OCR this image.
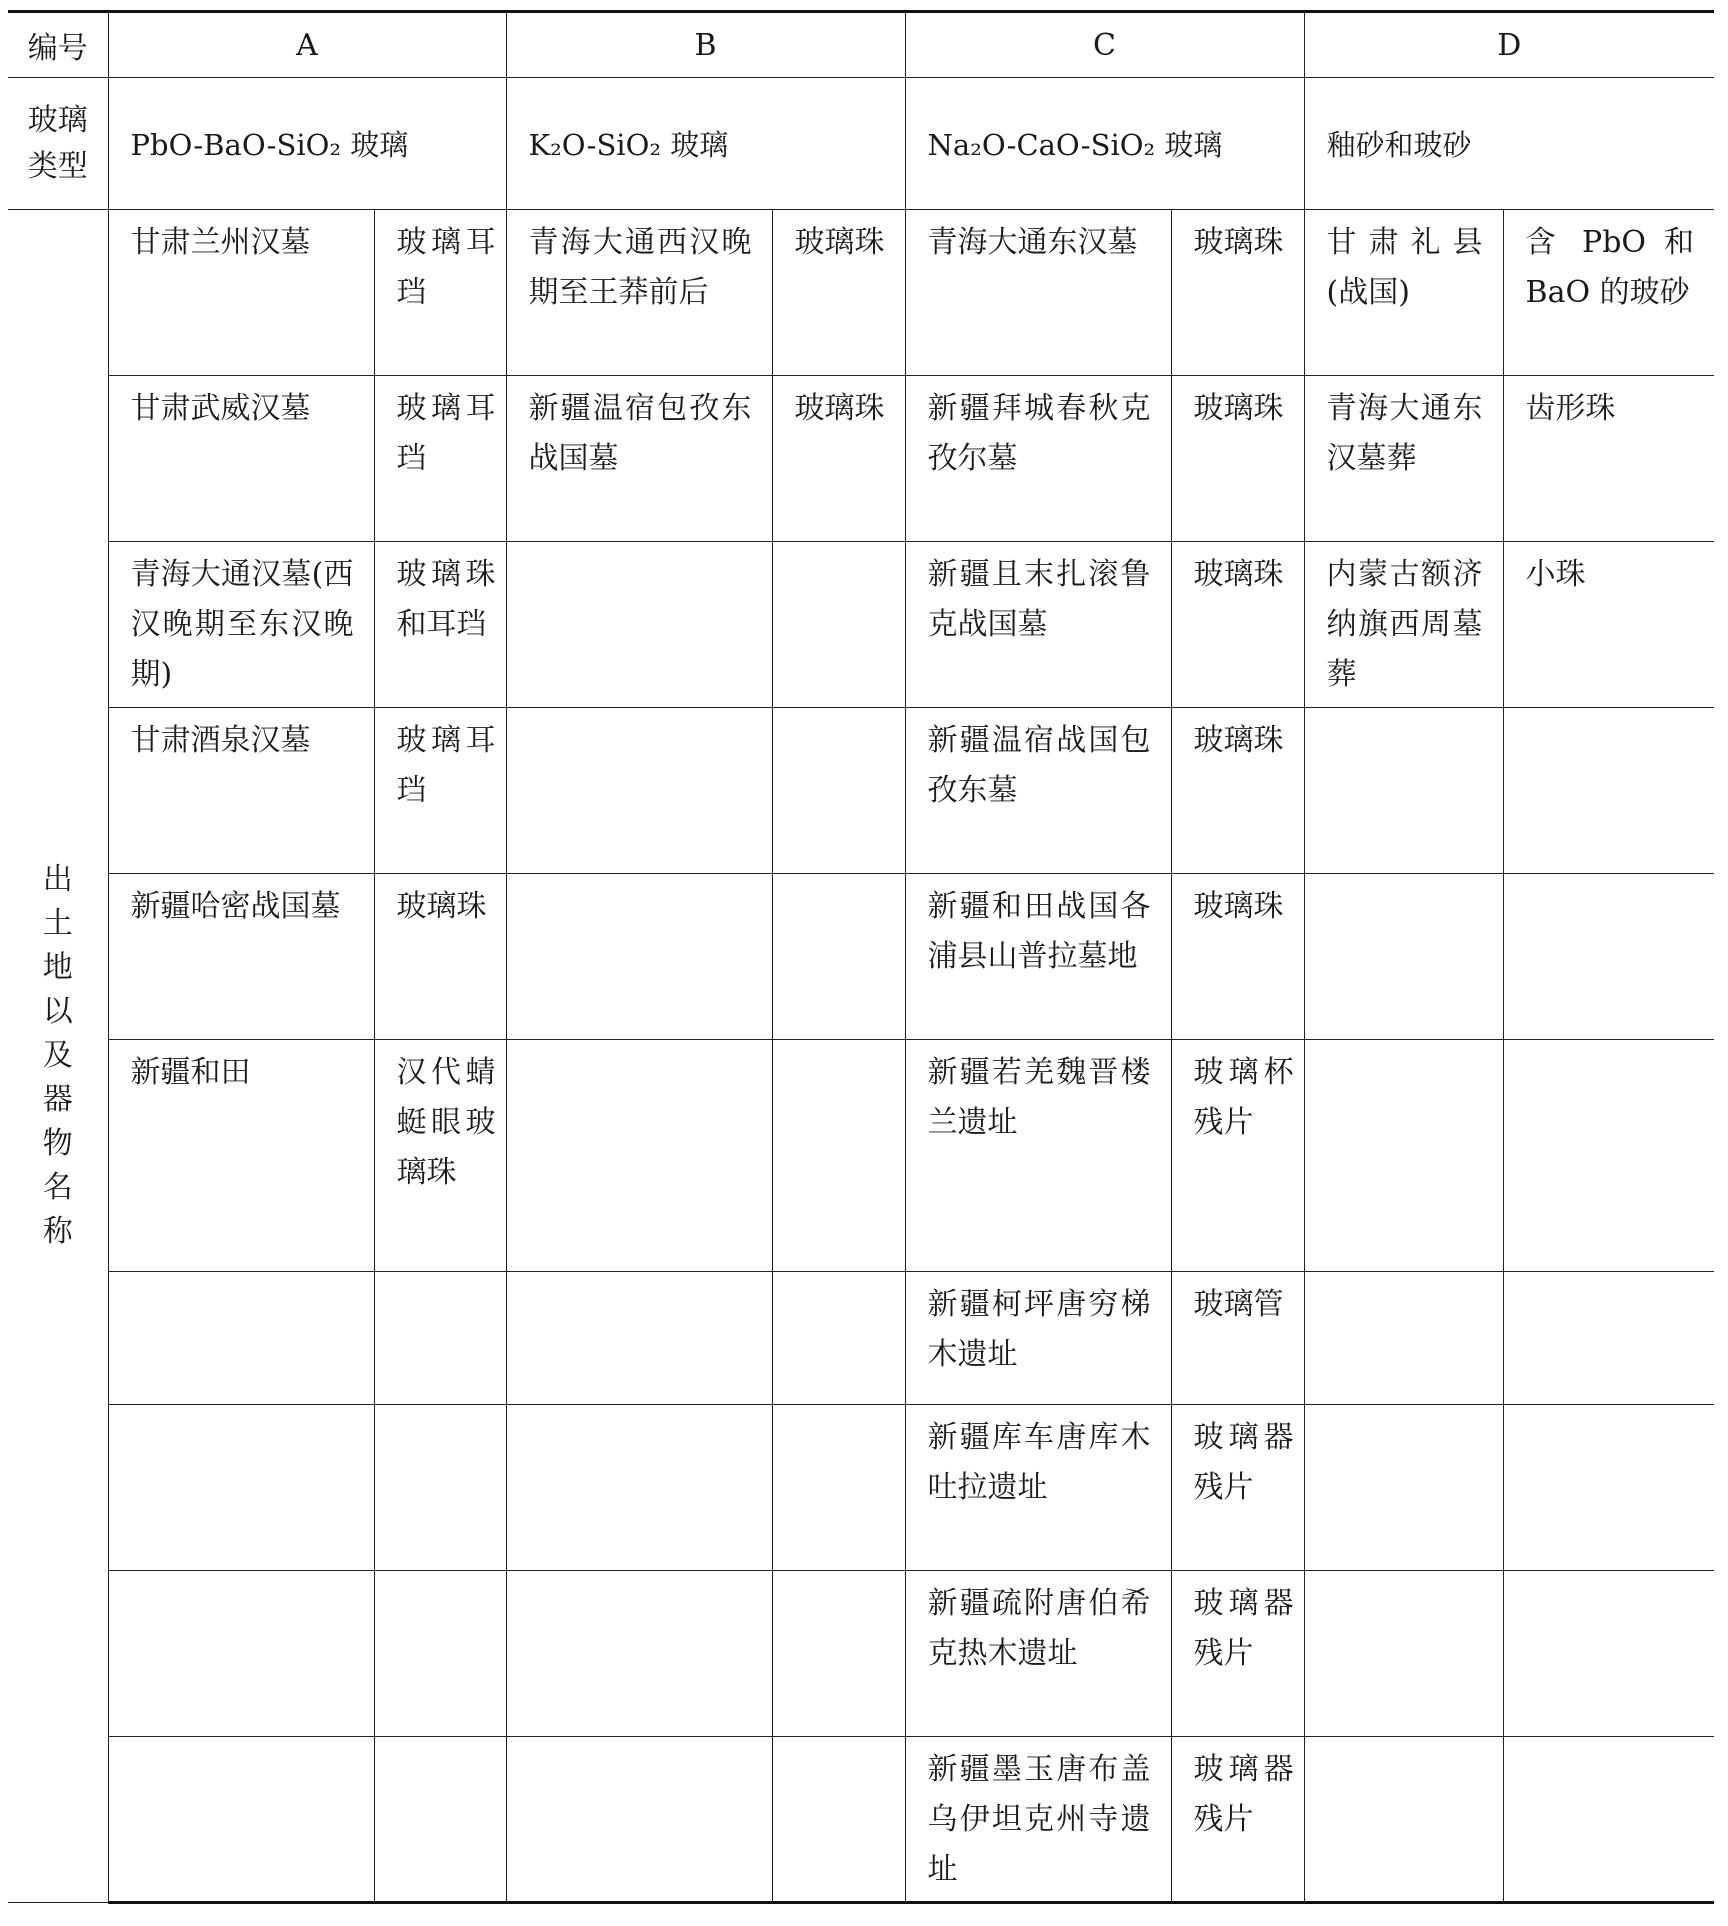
编号	A		B		C		D	
玻璃
类型	PbO-BaO-SiO₂ 玻璃		K₂O-SiO₂ 玻璃		Na₂O-CaO-SiO₂ 玻璃		釉砂和玻砂	

出土地以及器物名称	甘肃兰州汉墓	玻璃耳珰	青海大通西汉晚期至王莽前后	玻璃珠	青海大通东汉墓	玻璃珠	甘肃礼县(战国)	含 PbO 和 BaO 的玻砂
	甘肃武威汉墓	玻璃耳珰	新疆温宿包孜东战国墓	玻璃珠	新疆拜城春秋克孜尔墓	玻璃珠	青海大通东汉墓葬	齿形珠
	青海大通汉墓(西汉晚期至东汉晚期)	玻璃珠和耳珰			新疆且末扎滚鲁克战国墓	玻璃珠	内蒙古额济纳旗西周墓葬	小珠
	甘肃酒泉汉墓	玻璃耳珰			新疆温宿战国包孜东墓	玻璃珠		
	新疆哈密战国墓	玻璃珠			新疆和田战国各浦县山普拉墓地	玻璃珠		
	新疆和田	汉代蜻蜓眼玻璃珠			新疆若羌魏晋楼兰遗址	玻璃杯残片		
					新疆柯坪唐穷梯木遗址	玻璃管		
					新疆库车唐库木吐拉遗址	玻璃器残片		
					新疆疏附唐伯希克热木遗址	玻璃器残片		
					新疆墨玉唐布盖乌伊坦克州寺遗址	玻璃器残片		
